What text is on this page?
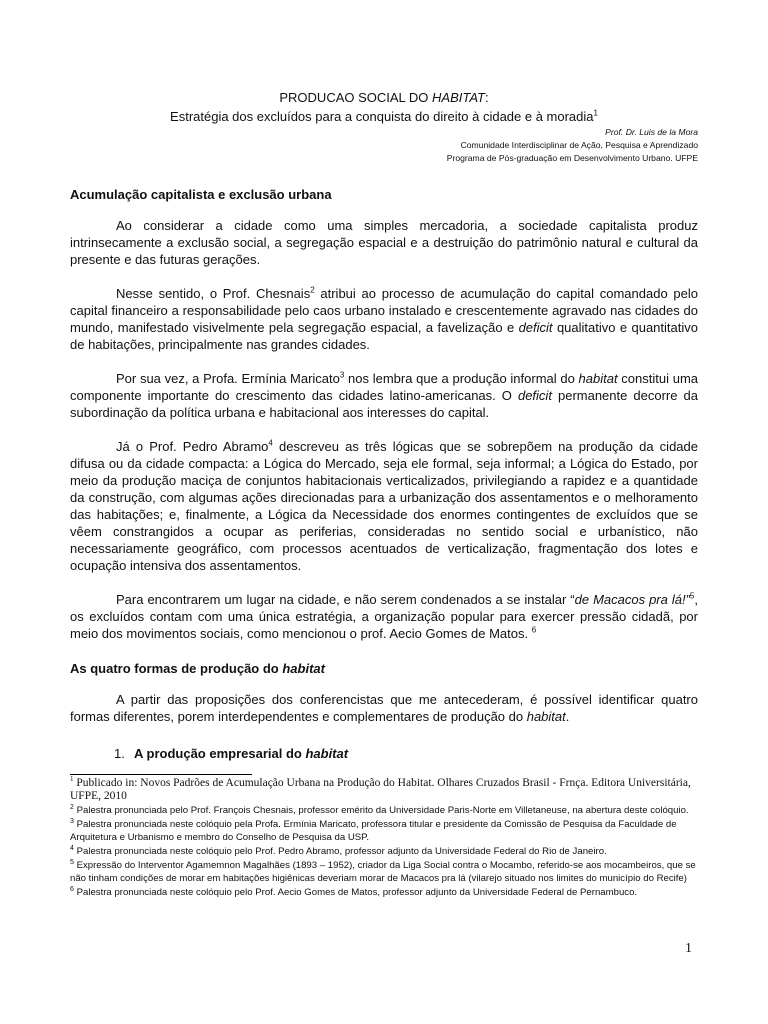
PRODUCAO SOCIAL DO HABITAT:
Estratégia dos excluídos para a conquista do direito à cidade e à moradia$^1$
Prof. Dr. Luis de la Mora
Comunidade Interdisciplinar de Ação, Pesquisa e Aprendizado
Programa de Pós-graduação em Desenvolvimento Urbano. UFPE
Acumulação capitalista e exclusão urbana

Ao considerar a cidade como uma simples mercadoria, a sociedade capitalista produz intrinsecamente a exclusão social, a segregação espacial e a destruição do patrimônio natural e cultural da presente e das futuras gerações.

Nesse sentido, o Prof. Chesnais$^2$ atribui ao processo de acumulação do capital comandado pelo capital financeiro a responsabilidade pelo caos urbano instalado e crescentemente agravado nas cidades do mundo, manifestado visivelmente pela segregação espacial, a favelização e deficit qualitativo e quantitativo de habitações, principalmente nas grandes cidades.

Por sua vez, a Profa. Ermínia Maricato$^3$ nos lembra que a produção informal do habitat constitui uma componente importante do crescimento das cidades latino-americanas. O deficit permanente decorre da subordinação da política urbana e habitacional aos interesses do capital.

Já o Prof. Pedro Abramo$^4$ descreveu as três lógicas que se sobrepõem na produção da cidade difusa ou da cidade compacta: a Lógica do Mercado, seja ele formal, seja informal; a Lógica do Estado, por meio da produção maciça de conjuntos habitacionais verticalizados, privilegiando a rapidez e a quantidade da construção, com algumas ações direcionadas para a urbanização dos assentamentos e o melhoramento das habitações; e, finalmente, a Lógica da Necessidade dos enormes contingentes de excluídos que se vêem constrangidos a ocupar as periferias, consideradas no sentido social e urbanístico, não necessariamente geográfico, com processos acentuados de verticalização, fragmentação dos lotes e ocupação intensiva dos assentamentos.

Para encontrarem um lugar na cidade, e não serem condenados a se instalar “de Macacos pra lá!”$^5$, os excluídos contam com uma única estratégia, a organização popular para exercer pressão cidadã, por meio dos movimentos sociais, como mencionou o prof. Aecio Gomes de Matos. $^6$

As quatro formas de produção do habitat

A partir das proposições dos conferencistas que me antecederam, é possível identificar quatro formas diferentes, porem interdependentes e complementares de produção do habitat.

1. A produção empresarial do habitat
$^1$ Publicado in: Novos Padrões de Acumulação Urbana na Produção do Habitat. Olhares Cruzados Brasil - Frnça. Editora Universitária, UFPE, 2010
$^2$ Palestra pronunciada pelo Prof. François Chesnais, professor emérito da Universidade Paris-Norte em Villetaneuse, na abertura deste colóquio.
$^3$ Palestra pronunciada neste colóquio pela Profa. Ermínia Maricato, professora titular e presidente da Comissão de Pesquisa da Faculdade de Arquitetura e Urbanismo e membro do Conselho de Pesquisa da USP.
$^4$ Palestra pronunciada neste colóquio pelo Prof. Pedro Abramo, professor adjunto da Universidade Federal do Rio de Janeiro.
$^5$ Expressão do Interventor Agamemnon Magalhães (1893 – 1952), criador da Liga Social contra o Mocambo, referido-se aos mocambeiros, que se não tinham condições de morar em habitações higiênicas deveriam morar de Macacos pra lá (vilarejo situado nos limites do município do Recife)
$^6$ Palestra pronunciada neste colóquio pelo Prof. Aecio Gomes de Matos, professor adjunto da Universidade Federal de Pernambuco.
1
